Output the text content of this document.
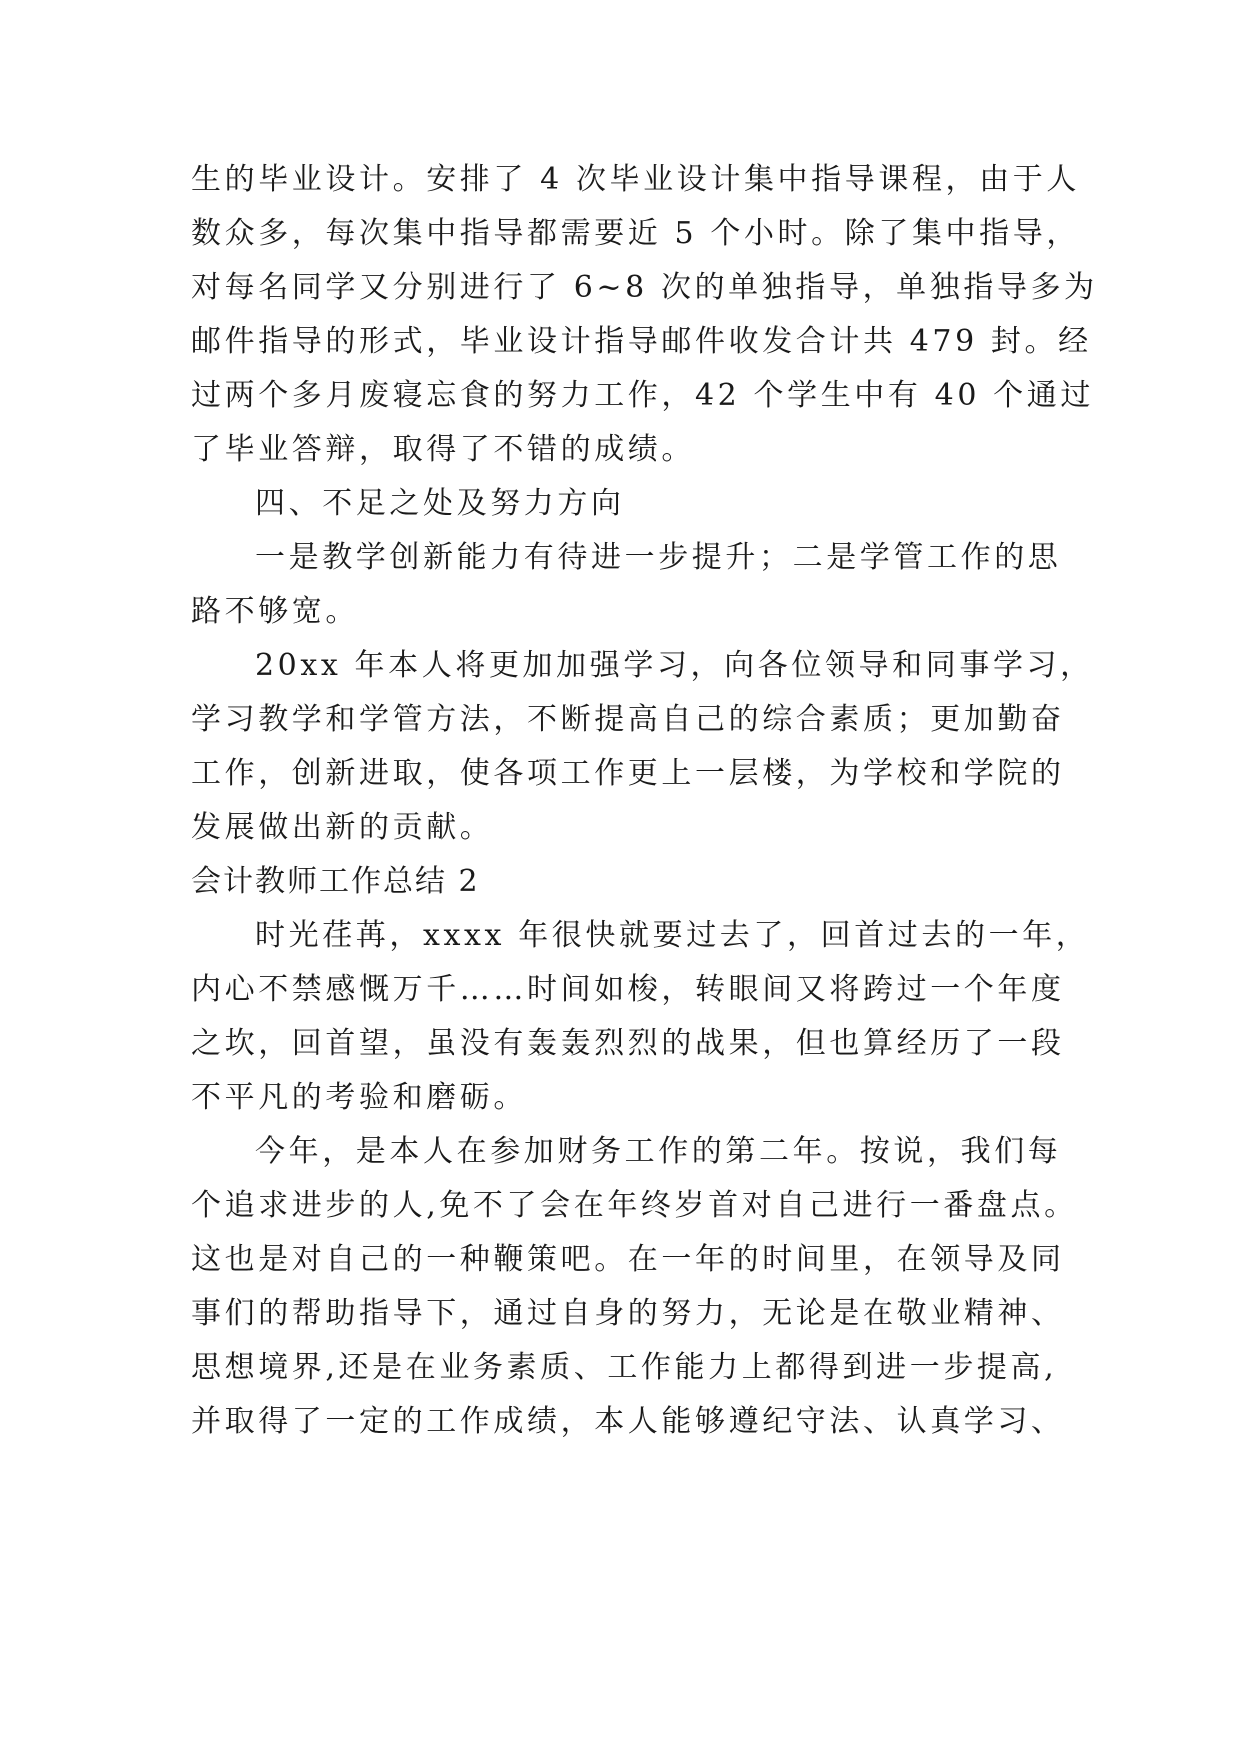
生的毕业设计。安排了 4 次毕业设计集中指导课程，由于人
数众多，每次集中指导都需要近 5 个小时。除了集中指导，
对每名同学又分别进行了 6~8 次的单独指导，单独指导多为
邮件指导的形式，毕业设计指导邮件收发合计共 479 封。经
过两个多月废寝忘食的努力工作，42 个学生中有 40 个通过
了毕业答辩，取得了不错的成绩。
四、不足之处及努力方向
一是教学创新能力有待进一步提升；二是学管工作的思
路不够宽。
20xx 年本人将更加加强学习，向各位领导和同事学习，
学习教学和学管方法，不断提高自己的综合素质；更加勤奋
工作，创新进取，使各项工作更上一层楼，为学校和学院的
发展做出新的贡献。
会计教师工作总结 2
时光荏苒，xxxx 年很快就要过去了，回首过去的一年，
内心不禁感慨万千……时间如梭，转眼间又将跨过一个年度
之坎，回首望，虽没有轰轰烈烈的战果，但也算经历了一段
不平凡的考验和磨砺。
今年，是本人在参加财务工作的第二年。按说，我们每
个追求进步的人,免不了会在年终岁首对自己进行一番盘点。
这也是对自己的一种鞭策吧。在一年的时间里，在领导及同
事们的帮助指导下，通过自身的努力，无论是在敬业精神、
思想境界,还是在业务素质、工作能力上都得到进一步提高,
并取得了一定的工作成绩，本人能够遵纪守法、认真学习、
